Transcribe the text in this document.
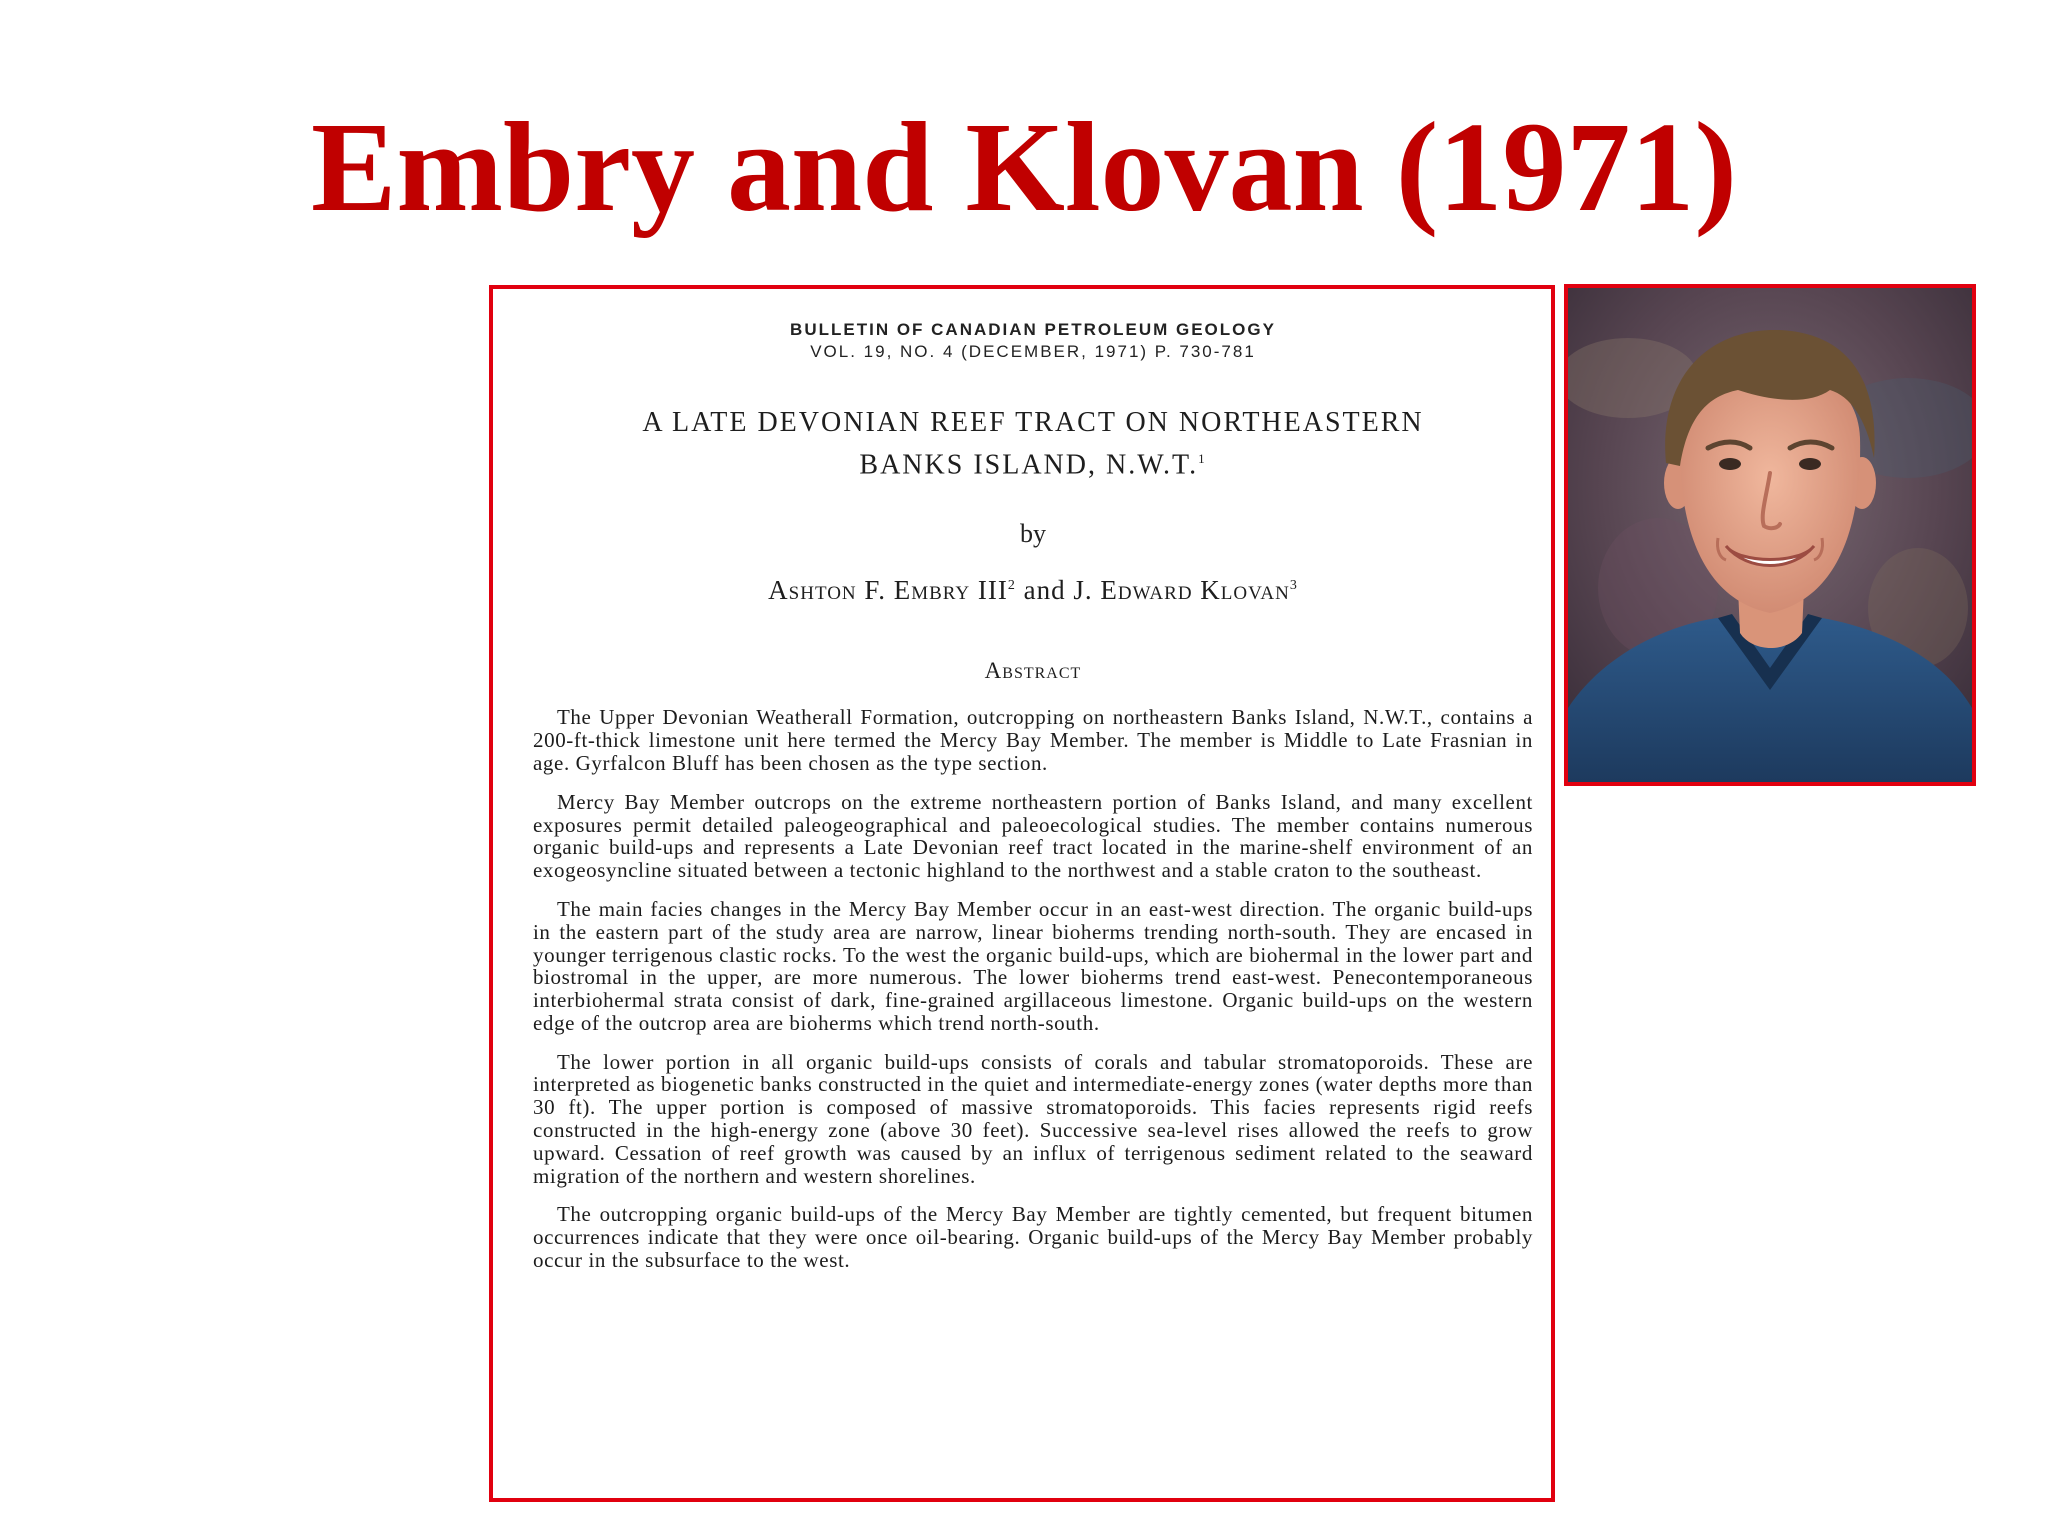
Embry and Klovan (1971)
BULLETIN OF CANADIAN PETROLEUM GEOLOGY
VOL. 19, NO. 4 (DECEMBER, 1971) P. 730-781
A LATE DEVONIAN REEF TRACT ON NORTHEASTERN
BANKS ISLAND, N.W.T.$^1$
by
Ashton F. Embry III$^2$ and J. Edward Klovan$^3$
Abstract

The Upper Devonian Weatherall Formation, outcropping on northeastern Banks Island, N.W.T., contains a 200-ft-thick limestone unit here termed the Mercy Bay Member. The member is Middle to Late Frasnian in age. Gyrfalcon Bluff has been chosen as the type section.

Mercy Bay Member outcrops on the extreme northeastern portion of Banks Island, and many excellent exposures permit detailed paleogeographical and paleoecological studies. The member contains numerous organic build-ups and represents a Late Devonian reef tract located in the marine-shelf environment of an exogeosyncline situated between a tectonic highland to the northwest and a stable craton to the southeast.

The main facies changes in the Mercy Bay Member occur in an east-west direction. The organic build-ups in the eastern part of the study area are narrow, linear bioherms trending north-south. They are encased in younger terrigenous clastic rocks. To the west the organic build-ups, which are biohermal in the lower part and biostromal in the upper, are more numerous. The lower bioherms trend east-west. Penecontemporaneous interbiohermal strata consist of dark, fine-grained argillaceous limestone. Organic build-ups on the western edge of the outcrop area are bioherms which trend north-south.

The lower portion in all organic build-ups consists of corals and tabular stromatoporoids. These are interpreted as biogenetic banks constructed in the quiet and intermediate-energy zones (water depths more than 30 ft). The upper portion is composed of massive stromatoporoids. This facies represents rigid reefs constructed in the high-energy zone (above 30 feet). Successive sea-level rises allowed the reefs to grow upward. Cessation of reef growth was caused by an influx of terrigenous sediment related to the seaward migration of the northern and western shorelines.

The outcropping organic build-ups of the Mercy Bay Member are tightly cemented, but frequent bitumen occurrences indicate that they were once oil-bearing. Organic build-ups of the Mercy Bay Member probably occur in the subsurface to the west.
